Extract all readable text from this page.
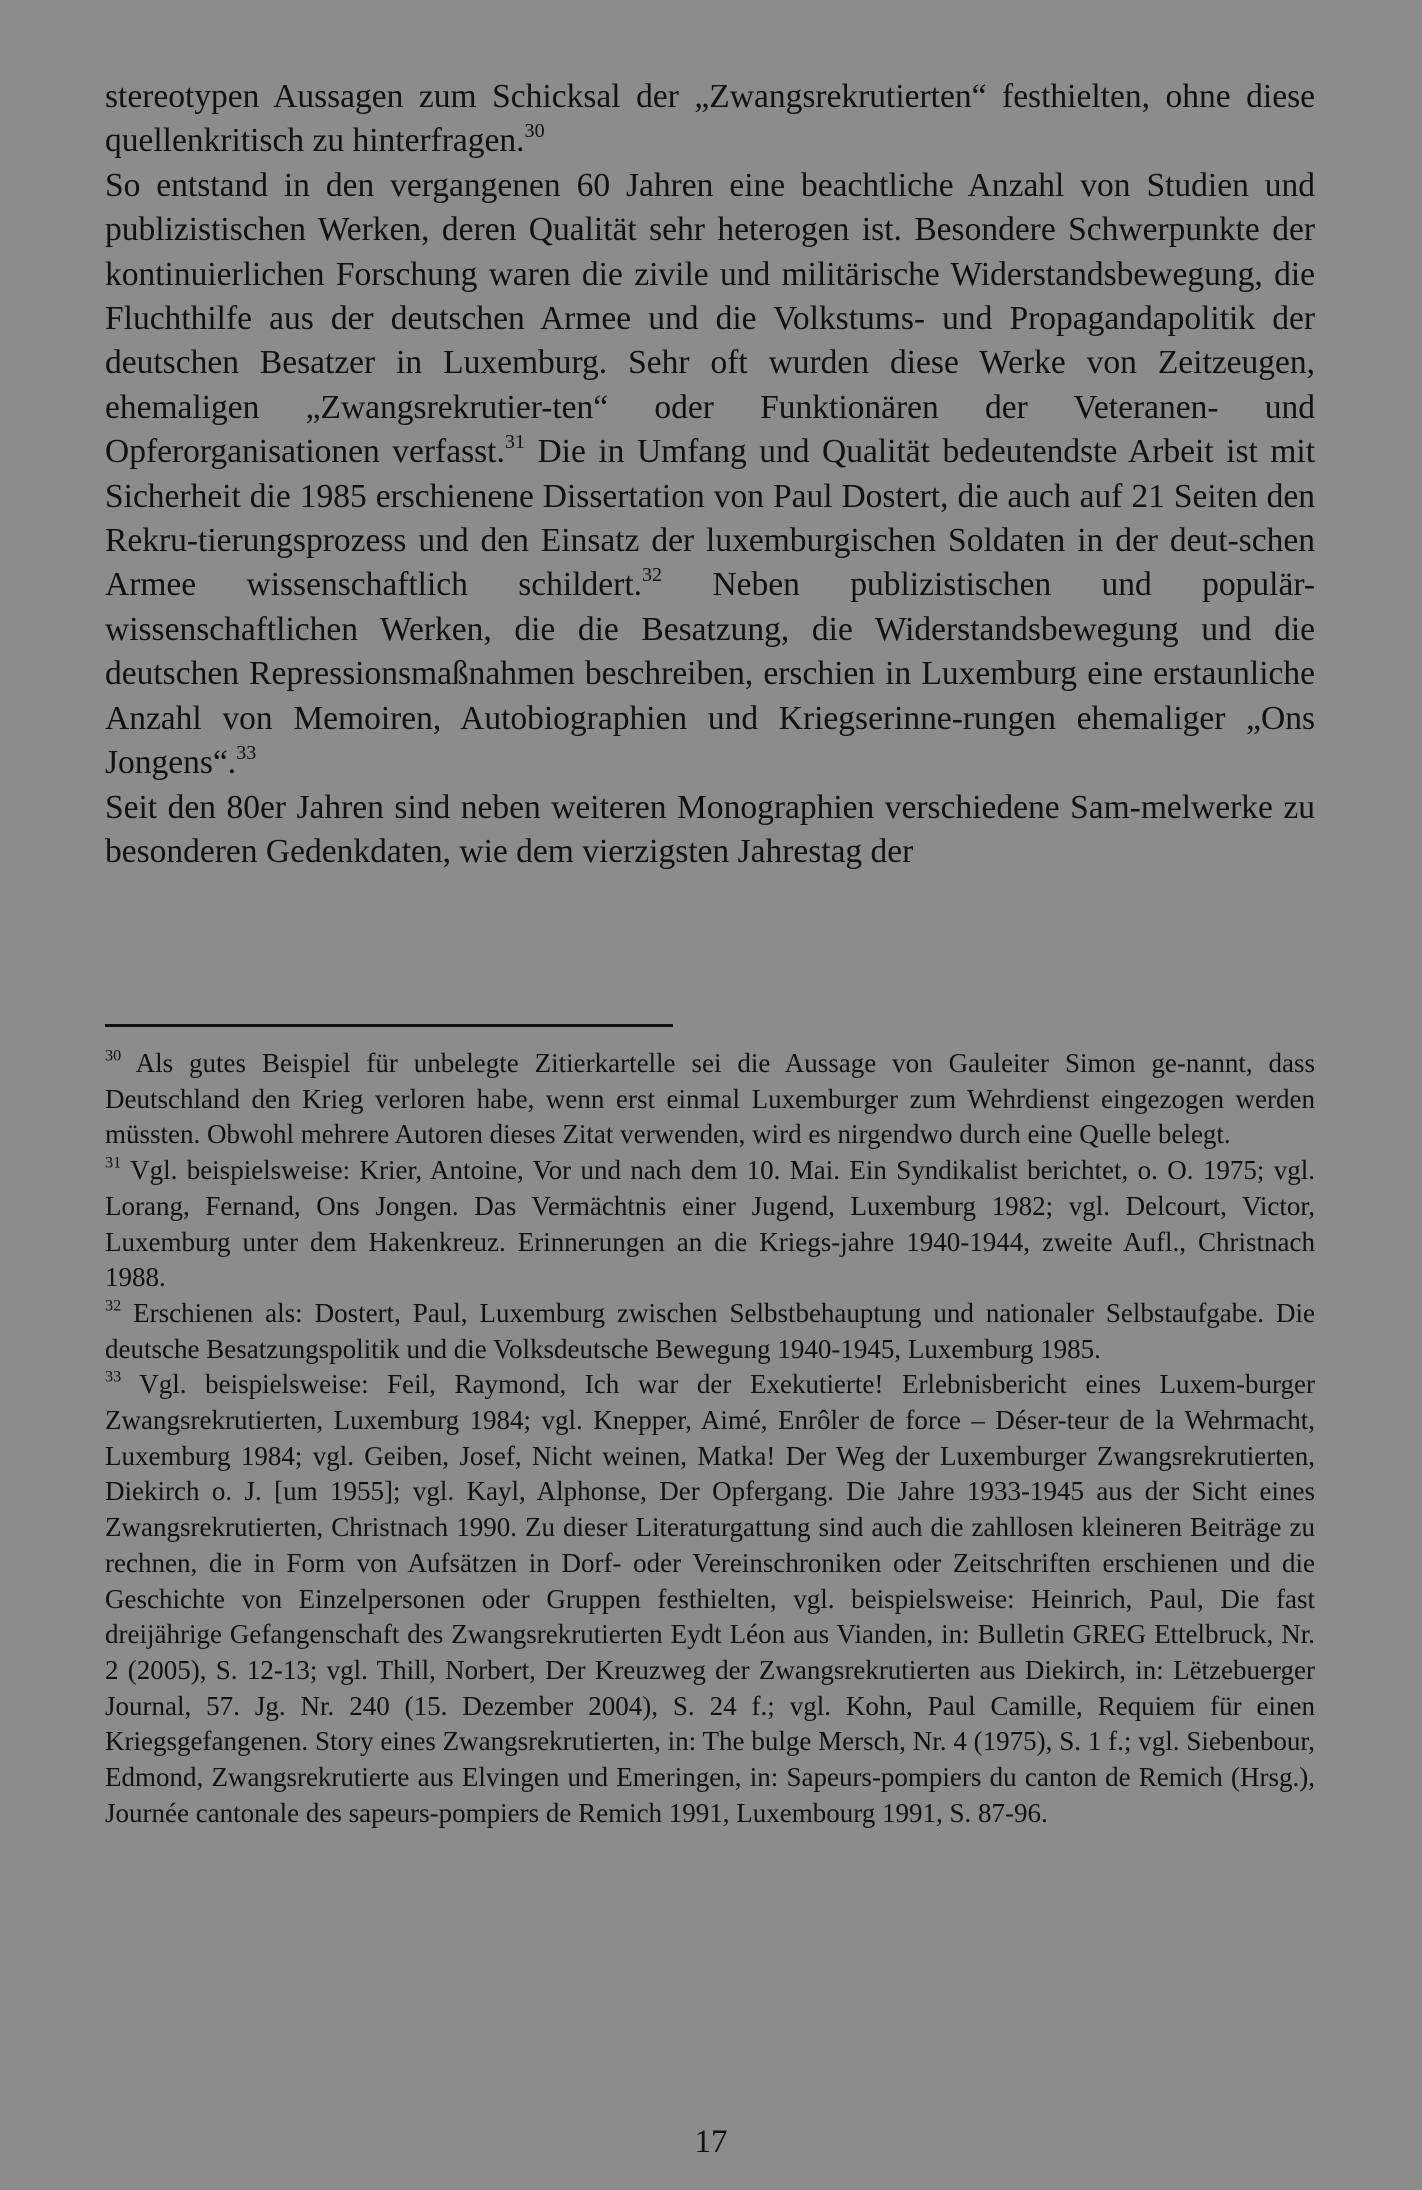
stereotypen Aussagen zum Schicksal der „Zwangsrekrutierten“ festhielten, ohne diese quellenkritisch zu hinterfragen.$^{30}$

So entstand in den vergangenen 60 Jahren eine beachtliche Anzahl von Studien und publizistischen Werken, deren Qualität sehr heterogen ist. Besondere Schwerpunkte der kontinuierlichen Forschung waren die zivile und militärische Widerstandsbewegung, die Fluchthilfe aus der deutschen Armee und die Volkstums- und Propagandapolitik der deutschen Besatzer in Luxemburg. Sehr oft wurden diese Werke von Zeitzeugen, ehemaligen „Zwangsrekrutier-ten“ oder Funktionären der Veteranen- und Opferorganisationen verfasst.$^{31}$ Die in Umfang und Qualität bedeutendste Arbeit ist mit Sicherheit die 1985 erschienene Dissertation von Paul Dostert, die auch auf 21 Seiten den Rekru-tierungsprozess und den Einsatz der luxemburgischen Soldaten in der deut-schen Armee wissenschaftlich schildert.$^{32}$ Neben publizistischen und populär-wissenschaftlichen Werken, die die Besatzung, die Widerstandsbewegung und die deutschen Repressionsmaßnahmen beschreiben, erschien in Luxemburg eine erstaunliche Anzahl von Memoiren, Autobiographien und Kriegserinne-rungen ehemaliger „Ons Jongens“.$^{33}$

Seit den 80er Jahren sind neben weiteren Monographien verschiedene Sam-melwerke zu besonderen Gedenkdaten, wie dem vierzigsten Jahrestag der

$^{30}$ Als gutes Beispiel für unbelegte Zitierkartelle sei die Aussage von Gauleiter Simon ge-nannt, dass Deutschland den Krieg verloren habe, wenn erst einmal Luxemburger zum Wehrdienst eingezogen werden müssten. Obwohl mehrere Autoren dieses Zitat verwenden, wird es nirgendwo durch eine Quelle belegt.

$^{31}$ Vgl. beispielsweise: Krier, Antoine, Vor und nach dem 10. Mai. Ein Syndikalist berichtet, o. O. 1975; vgl. Lorang, Fernand, Ons Jongen. Das Vermächtnis einer Jugend, Luxemburg 1982; vgl. Delcourt, Victor, Luxemburg unter dem Hakenkreuz. Erinnerungen an die Kriegs-jahre 1940-1944, zweite Aufl., Christnach 1988.

$^{32}$ Erschienen als: Dostert, Paul, Luxemburg zwischen Selbstbehauptung und nationaler Selbstaufgabe. Die deutsche Besatzungspolitik und die Volksdeutsche Bewegung 1940-1945, Luxemburg 1985.

$^{33}$ Vgl. beispielsweise: Feil, Raymond, Ich war der Exekutierte! Erlebnisbericht eines Luxem-burger Zwangsrekrutierten, Luxemburg 1984; vgl. Knepper, Aimé, Enrôler de force – Déser-teur de la Wehrmacht, Luxemburg 1984; vgl. Geiben, Josef, Nicht weinen, Matka! Der Weg der Luxemburger Zwangsrekrutierten, Diekirch o. J. [um 1955]; vgl. Kayl, Alphonse, Der Opfergang. Die Jahre 1933-1945 aus der Sicht eines Zwangsrekrutierten, Christnach 1990. Zu dieser Literaturgattung sind auch die zahllosen kleineren Beiträge zu rechnen, die in Form von Aufsätzen in Dorf- oder Vereinschroniken oder Zeitschriften erschienen und die Geschichte von Einzelpersonen oder Gruppen festhielten, vgl. beispielsweise: Heinrich, Paul, Die fast dreijährige Gefangenschaft des Zwangsrekrutierten Eydt Léon aus Vianden, in: Bulletin GREG Ettelbruck, Nr. 2 (2005), S. 12-13; vgl. Thill, Norbert, Der Kreuzweg der Zwangsrekrutierten aus Diekirch, in: Lëtzebuerger Journal, 57. Jg. Nr. 240 (15. Dezember 2004), S. 24 f.; vgl. Kohn, Paul Camille, Requiem für einen Kriegsgefangenen. Story eines Zwangsrekrutierten, in: The bulge Mersch, Nr. 4 (1975), S. 1 f.; vgl. Siebenbour, Edmond, Zwangsrekrutierte aus Elvingen und Emeringen, in: Sapeurs-pompiers du canton de Remich (Hrsg.), Journée cantonale des sapeurs-pompiers de Remich 1991, Luxembourg 1991, S. 87-96.

17
